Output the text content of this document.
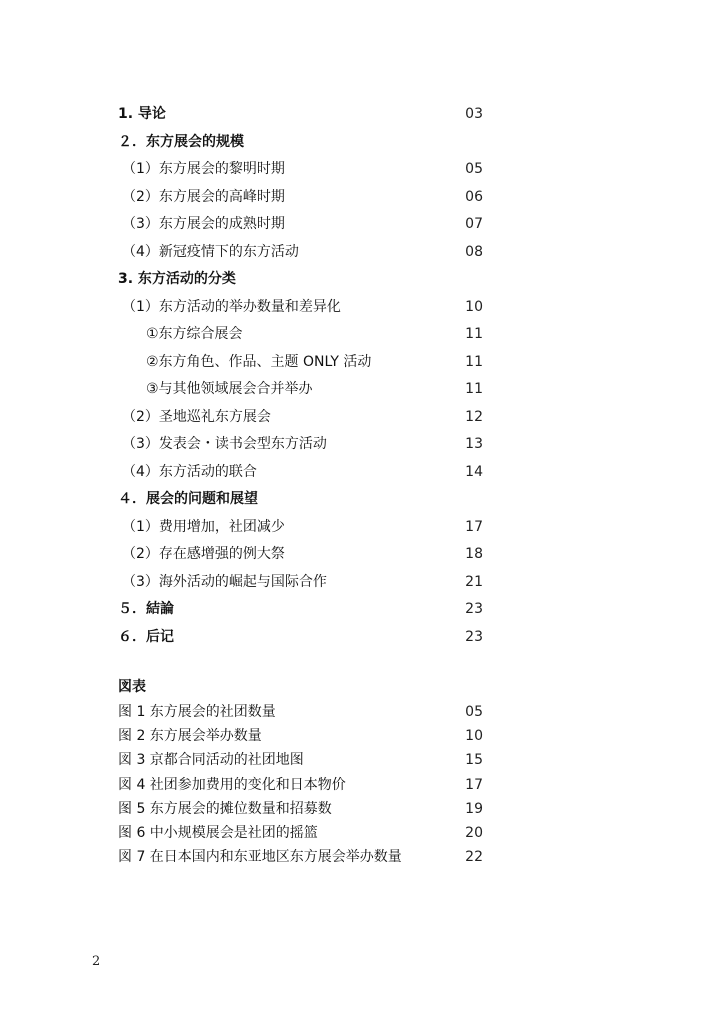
1. 导论	03
２．东方展会的规模
（1）东方展会的黎明时期	05
（2）东方展会的高峰时期	06
（3）东方展会的成熟时期	07
（4）新冠疫情下的东方活动	08
3. 东方活动的分类
（1）东方活动的举办数量和差异化	10
①东方综合展会	11
②东方角色、作品、主题 ONLY 活动	11
③与其他领域展会合并举办	11
（2）圣地巡礼东方展会	12
（3）发表会・读书会型东方活动	13
（4）东方活动的联合	14
４．展会的问题和展望
（1）费用增加，社团减少	17
（2）存在感增强的例大祭	18
（3）海外活动的崛起与国际合作	21
５．結論	23
６．后记	23
図表
图 1 东方展会的社团数量	05
图 2 东方展会举办数量	10
図 3 京都合同活动的社团地图	15
図 4 社团参加费用的变化和日本物价	17
图 5 东方展会的摊位数量和招募数	19
图 6 中小规模展会是社团的摇篮	20
図 7 在日本国内和东亚地区东方展会举办数量	22
2
